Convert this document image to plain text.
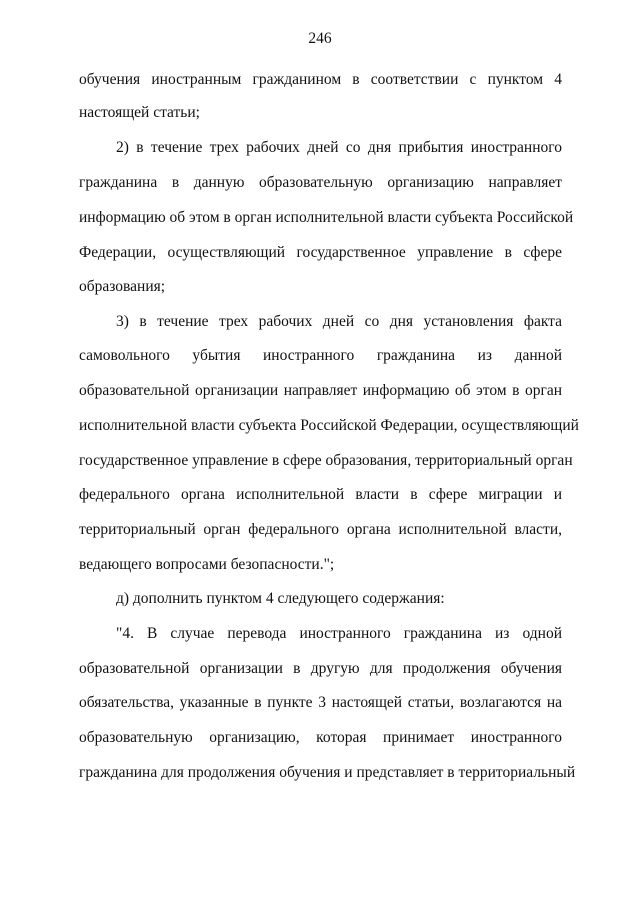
246
обучения иностранным гражданином в соответствии с пунктом 4
настоящей статьи;
2) в течение трех рабочих дней со дня прибытия иностранного
гражданина в данную образовательную организацию направляет
информацию об этом в орган исполнительной власти субъекта Российской
Федерации, осуществляющий государственное управление в сфере
образования;
3) в течение трех рабочих дней со дня установления факта
самовольного убытия иностранного гражданина из данной
образовательной организации направляет информацию об этом в орган
исполнительной власти субъекта Российской Федерации, осуществляющий
государственное управление в сфере образования, территориальный орган
федерального органа исполнительной власти в сфере миграции и
территориальный орган федерального органа исполнительной власти,
ведающего вопросами безопасности.";
д) дополнить пунктом 4 следующего содержания:
"4. В случае перевода иностранного гражданина из одной
образовательной организации в другую для продолжения обучения
обязательства, указанные в пункте 3 настоящей статьи, возлагаются на
образовательную организацию, которая принимает иностранного
гражданина для продолжения обучения и представляет в территориальный
